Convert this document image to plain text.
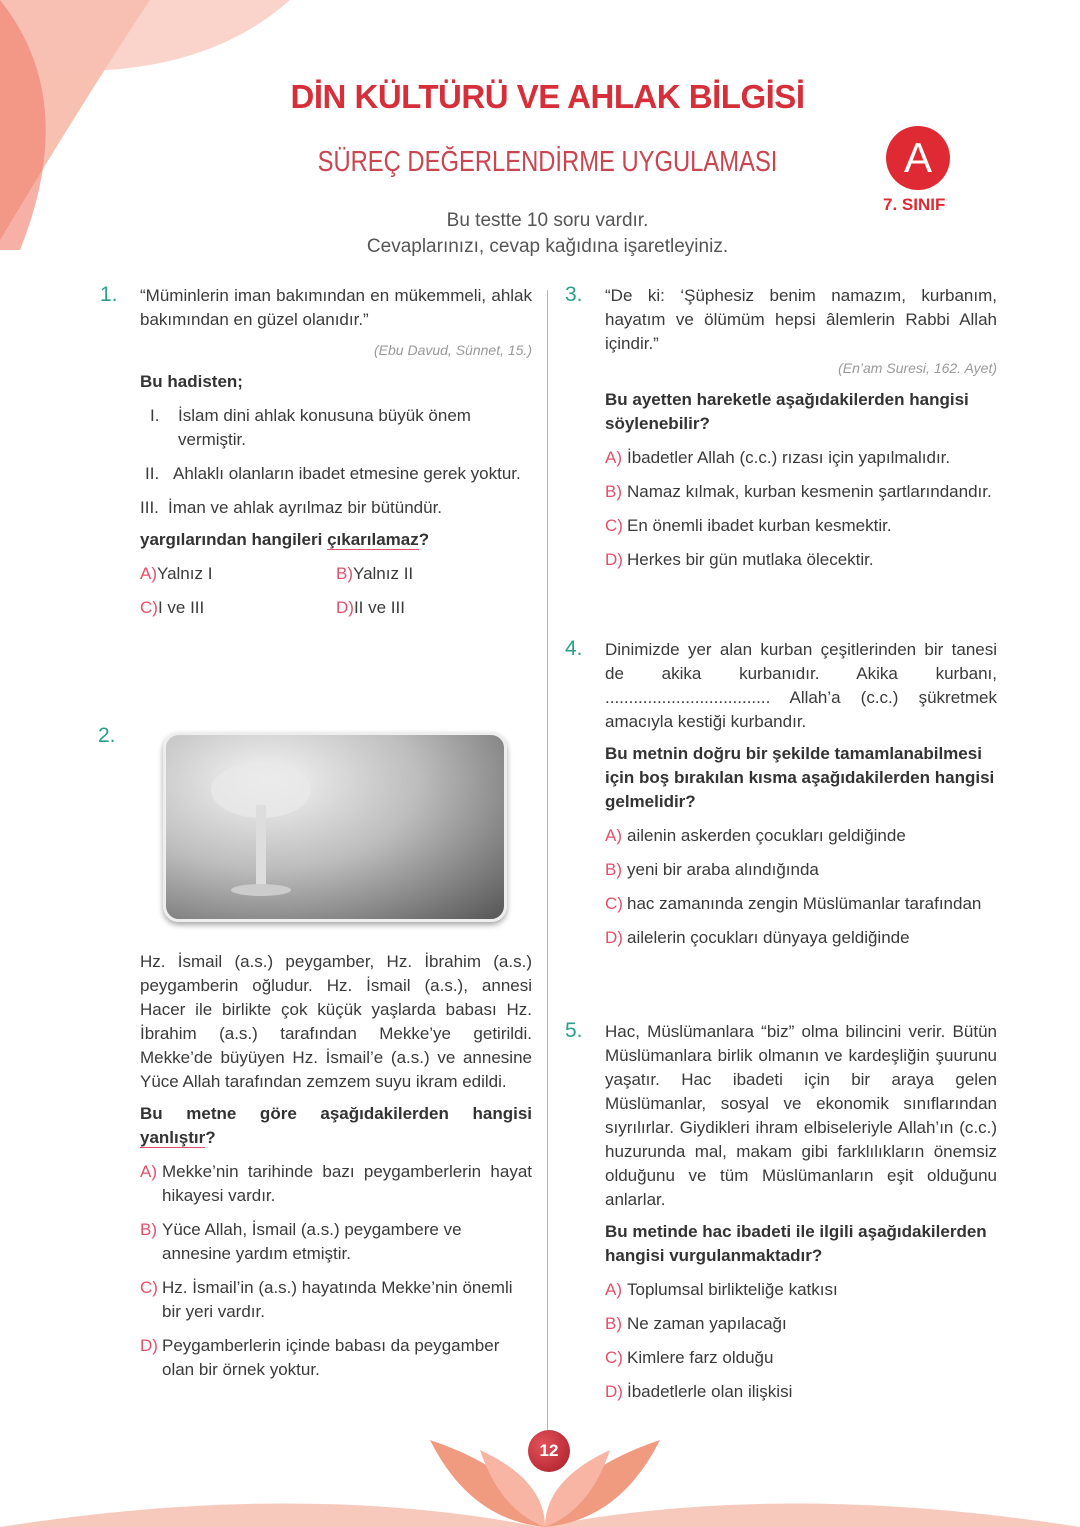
DİN KÜLTÜRÜ VE AHLAK BİLGİSİ
SÜREÇ DEĞERLENDİRME UYGULAMASI
Bu testte 10 soru vardır.
Cevaplarınızı, cevap kağıdına işaretleyiniz.
A
7. SINIF
1. “Müminlerin iman bakımından en mükemmeli, ahlak bakımından en güzel olanıdır.”
(Ebu Davud, Sünnet, 15.)
Bu hadisten;
I.	İslam dini ahlak konusuna büyük önem vermiştir.
II. Ahlaklı olanların ibadet etmesine gerek yoktur.
III. İman ve ahlak ayrılmaz bir bütündür.
yargılarından hangileri çıkarılamaz?
A)Yalnız I	B)Yalnız II
C)I ve III	D)II ve III
2.
Hz. İsmail (a.s.) peygamber, Hz. İbrahim (a.s.) peygamberin oğludur. Hz. İsmail (a.s.), annesi Hacer ile birlikte çok küçük yaşlarda babası Hz. İbrahim (a.s.) tarafından Mekke’ye getirildi. Mekke’de büyüyen Hz. İsmail’e (a.s.) ve annesine Yüce Allah tarafından zemzem suyu ikram edildi.
Bu metne göre aşağıdakilerden hangisi yanlıştır?
A) Mekke’nin tarihinde bazı peygamberlerin hayat hikayesi vardır.
B) Yüce Allah, İsmail (a.s.) peygambere ve annesine yardım etmiştir.
C) Hz. İsmail’in (a.s.) hayatında Mekke’nin önemli bir yeri vardır.
D) Peygamberlerin içinde babası da peygamber olan bir örnek yoktur.
3. “De ki: ‘Şüphesiz benim namazım, kurbanım, hayatım ve ölümüm hepsi âlemlerin Rabbi Allah içindir.”
(En’am Suresi, 162. Ayet)
Bu ayetten hareketle aşağıdakilerden hangisi söylenebilir?
A) İbadetler Allah (c.c.) rızası için yapılmalıdır.
B) Namaz kılmak, kurban kesmenin şartlarındandır.
C) En önemli ibadet kurban kesmektir.
D) Herkes bir gün mutlaka ölecektir.
4. Dinimizde yer alan kurban çeşitlerinden bir tanesi de akika kurbanıdır. Akika kurbanı, ................................... Allah’a (c.c.) şükretmek amacıyla kestiği kurbandır.
Bu metnin doğru bir şekilde tamamlanabilmesi için boş bırakılan kısma aşağıdakilerden hangisi gelmelidir?
A) ailenin askerden çocukları geldiğinde
B) yeni bir araba alındığında
C) hac zamanında zengin Müslümanlar tarafından
D) ailelerin çocukları dünyaya geldiğinde
5. Hac, Müslümanlara “biz” olma bilincini verir. Bütün Müslümanlara birlik olmanın ve kardeşliğin şuurunu yaşatır. Hac ibadeti için bir araya gelen Müslümanlar, sosyal ve ekonomik sınıflarından sıyrılırlar. Giydikleri ihram elbiseleriyle Allah’ın (c.c.) huzurunda mal, makam gibi farklılıkların önemsiz olduğunu ve tüm Müslümanların eşit olduğunu anlarlar.
Bu metinde hac ibadeti ile ilgili aşağıdakilerden hangisi vurgulanmaktadır?
A) Toplumsal birlikteliğe katkısı
B) Ne zaman yapılacağı
C) Kimlere farz olduğu
D) İbadetlerle olan ilişkisi
12
